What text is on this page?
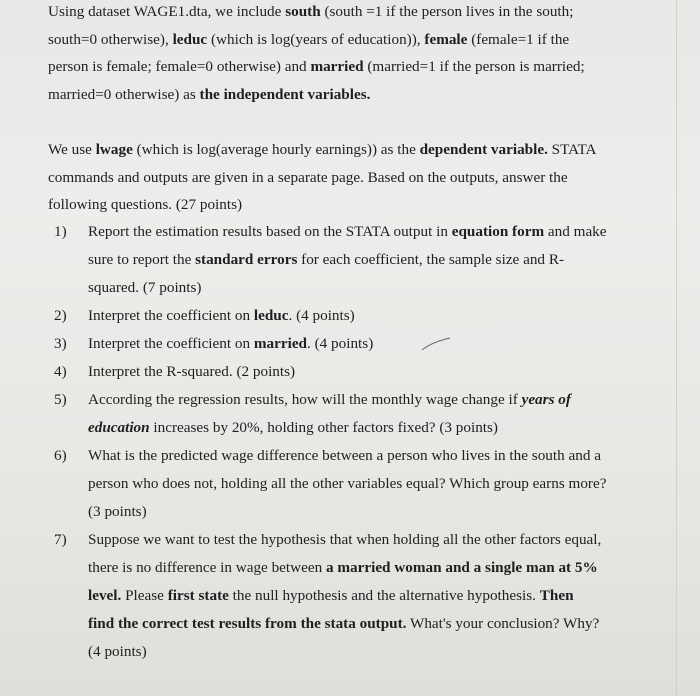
Using dataset WAGE1.dta, we include south (south =1 if the person lives in the south; south=0 otherwise), leduc (which is log(years of education)), female (female=1 if the person is female; female=0 otherwise) and married (married=1 if the person is married; married=0 otherwise) as the independent variables.

We use lwage (which is log(average hourly earnings)) as the dependent variable. STATA commands and outputs are given in a separate page. Based on the outputs, answer the following questions. (27 points)

1) Report the estimation results based on the STATA output in equation form and make sure to report the standard errors for each coefficient, the sample size and R-squared. (7 points)

2) Interpret the coefficient on leduc. (4 points)

3) Interpret the coefficient on married. (4 points)

4) Interpret the R-squared. (2 points)

5) According the regression results, how will the monthly wage change if years of education increases by 20%, holding other factors fixed? (3 points)

6) What is the predicted wage difference between a person who lives in the south and a person who does not, holding all the other variables equal? Which group earns more? (3 points)

7) Suppose we want to test the hypothesis that when holding all the other factors equal, there is no difference in wage between a married woman and a single man at 5% level. Please first state the null hypothesis and the alternative hypothesis. Then find the correct test results from the stata output. What's your conclusion? Why? (4 points)
